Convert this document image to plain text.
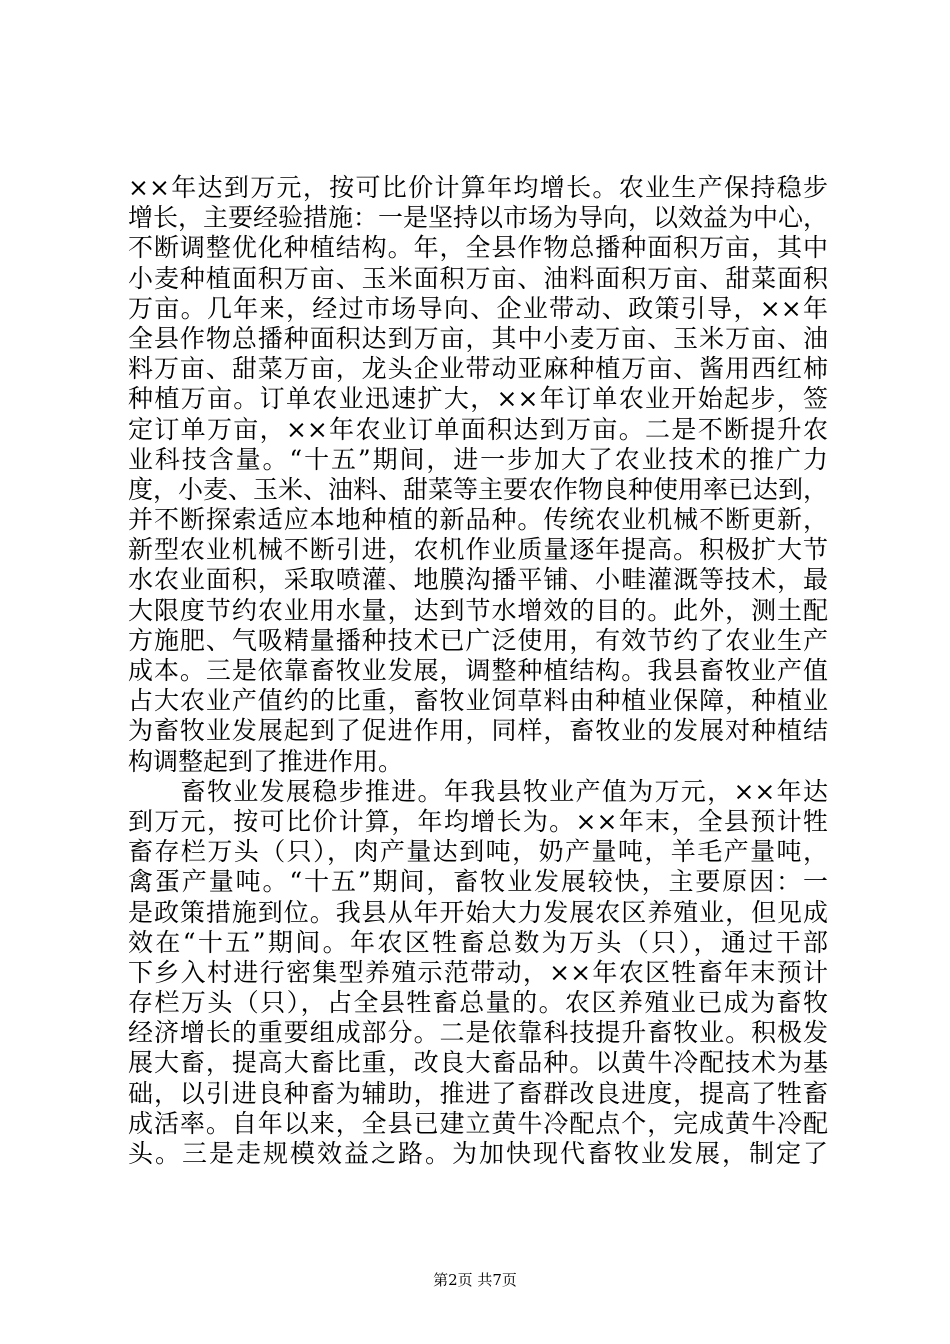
××年达到万元，按可比价计算年均增长。农业生产保持稳步
增长，主要经验措施：一是坚持以市场为导向，以效益为中心，
不断调整优化种植结构。年，全县作物总播种面积万亩，其中
小麦种植面积万亩、玉米面积万亩、油料面积万亩、甜菜面积
万亩。几年来，经过市场导向、企业带动、政策引导，××年
全县作物总播种面积达到万亩，其中小麦万亩、玉米万亩、油
料万亩、甜菜万亩，龙头企业带动亚麻种植万亩、酱用西红柿
种植万亩。订单农业迅速扩大，××年订单农业开始起步，签
定订单万亩，××年农业订单面积达到万亩。二是不断提升农
业科技含量。“十五”期间，进一步加大了农业技术的推广力
度，小麦、玉米、油料、甜菜等主要农作物良种使用率已达到，
并不断探索适应本地种植的新品种。传统农业机械不断更新，
新型农业机械不断引进，农机作业质量逐年提高。积极扩大节
水农业面积，采取喷灌、地膜沟播平铺、小畦灌溉等技术，最
大限度节约农业用水量，达到节水增效的目的。此外，测土配
方施肥、气吸精量播种技术已广泛使用，有效节约了农业生产
成本。三是依靠畜牧业发展，调整种植结构。我县畜牧业产值
占大农业产值约的比重，畜牧业饲草料由种植业保障，种植业
为畜牧业发展起到了促进作用，同样，畜牧业的发展对种植结
构调整起到了推进作用。
　　畜牧业发展稳步推进。年我县牧业产值为万元，××年达
到万元，按可比价计算，年均增长为。××年末，全县预计牲
畜存栏万头（只），肉产量达到吨，奶产量吨，羊毛产量吨，
禽蛋产量吨。“十五”期间，畜牧业发展较快，主要原因：一
是政策措施到位。我县从年开始大力发展农区养殖业，但见成
效在“十五”期间。年农区牲畜总数为万头（只），通过干部
下乡入村进行密集型养殖示范带动，××年农区牲畜年末预计
存栏万头（只），占全县牲畜总量的。农区养殖业已成为畜牧
经济增长的重要组成部分。二是依靠科技提升畜牧业。积极发
展大畜，提高大畜比重，改良大畜品种。以黄牛冷配技术为基
础，以引进良种畜为辅助，推进了畜群改良进度，提高了牲畜
成活率。自年以来，全县已建立黄牛冷配点个，完成黄牛冷配
头。三是走规模效益之路。为加快现代畜牧业发展，制定了
第2页 共7页
